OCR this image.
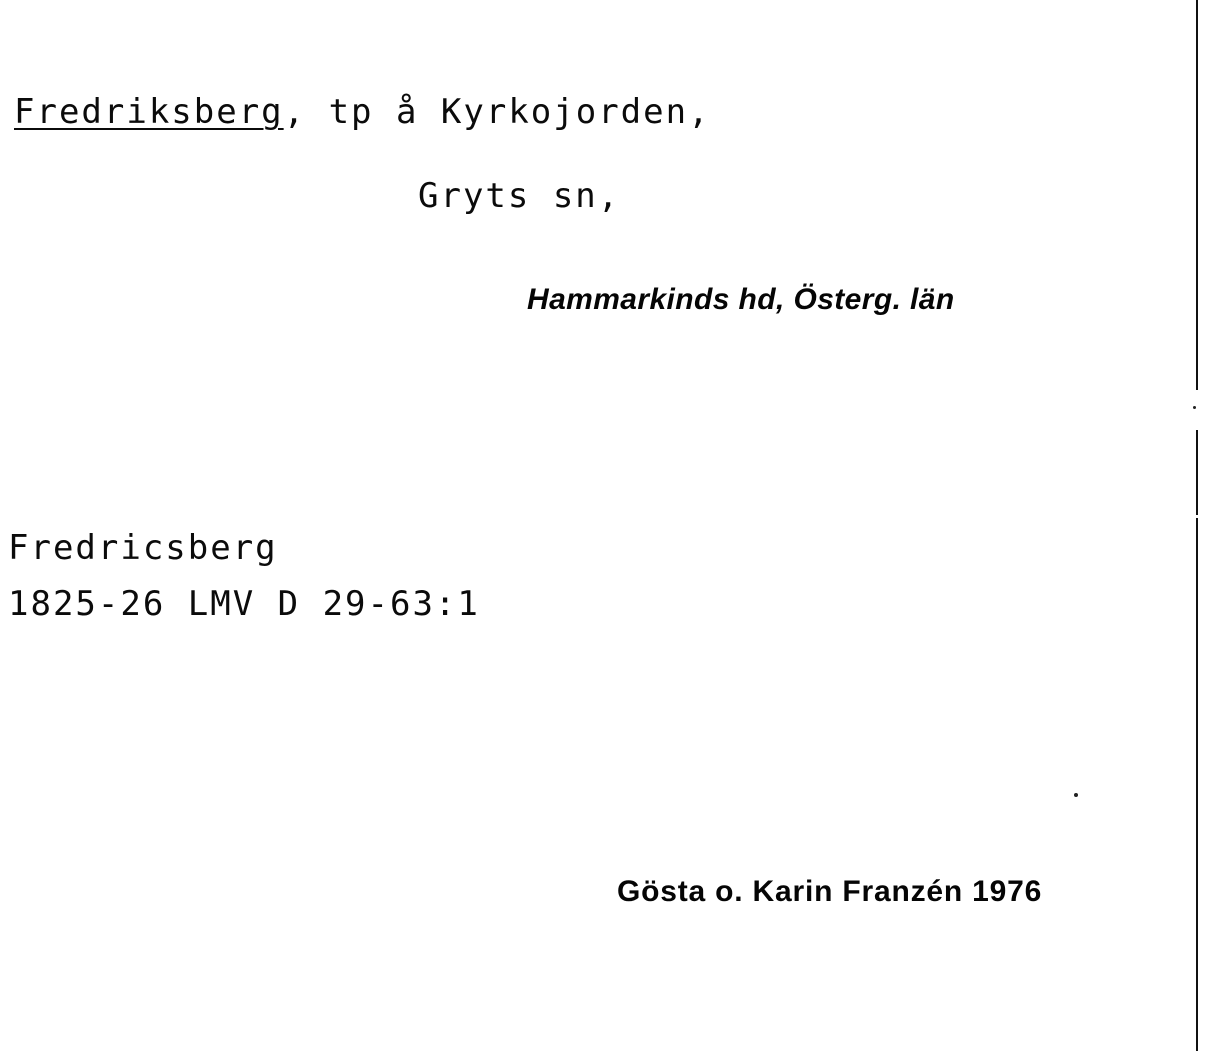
Fredriksberg, tp å Kyrkojorden,
Gryts sn,
Hammarkinds hd, Österg. län
Fredricsberg
1825-26 LMV D 29-63:1
Gösta o. Karin Franzén 1976
